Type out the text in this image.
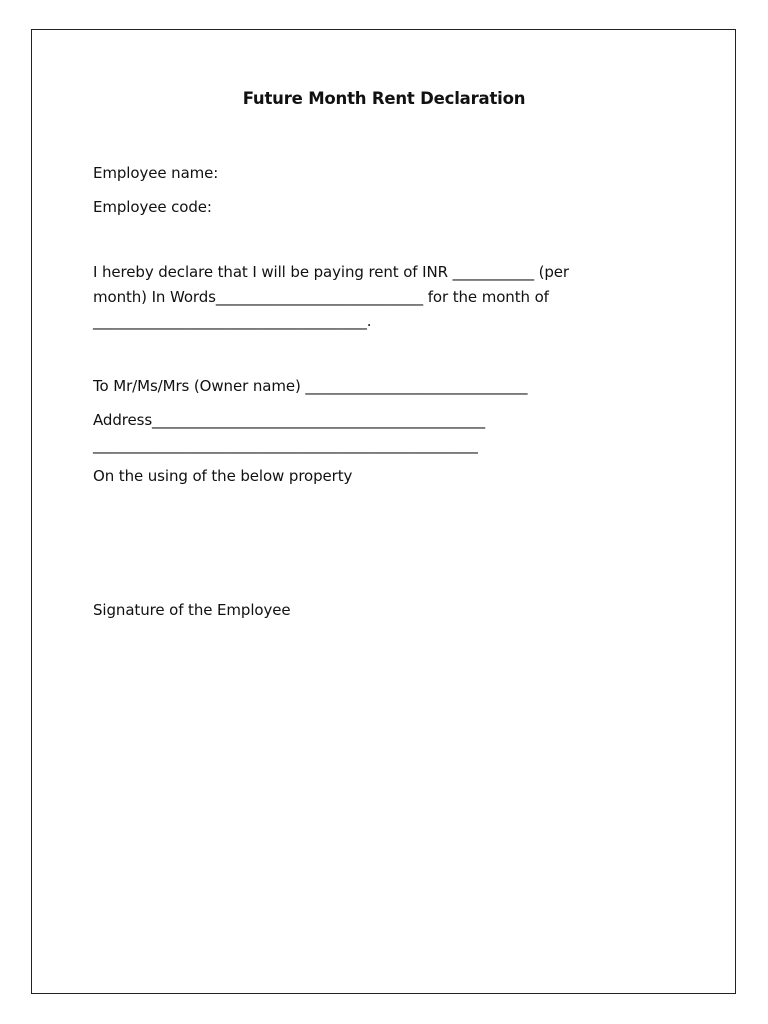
Future Month Rent Declaration
Employee name:
Employee code:
I hereby declare that I will be paying rent of INR ___________ (per
month) In Words____________________________ for the month of
_____________________________________.
To Mr/Ms/Mrs (Owner name) ______________________________
Address_____________________________________________
____________________________________________________
On the using of the below property
Signature of the Employee
